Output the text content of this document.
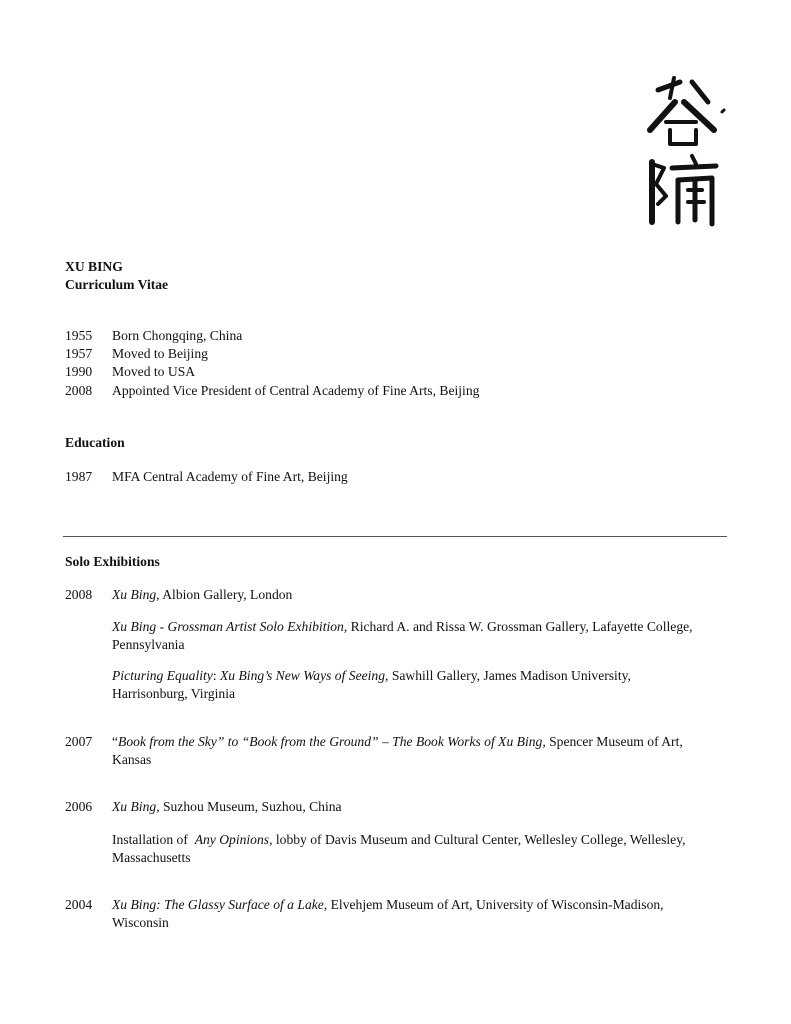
XU BING
Curriculum Vitae
1955 Born Chongqing, China
1957 Moved to Beijing
1990 Moved to USA
2008 Appointed Vice President of Central Academy of Fine Arts, Beijing
Education
1987 MFA Central Academy of Fine Art, Beijing
Solo Exhibitions
2008 Xu Bing, Albion Gallery, London
Xu Bing - Grossman Artist Solo Exhibition, Richard A. and Rissa W. Grossman Gallery, Lafayette College,
Pennsylvania
Picturing Equality: Xu Bing’s New Ways of Seeing, Sawhill Gallery, James Madison University,
Harrisonburg, Virginia
2007 “Book from the Sky” to “Book from the Ground” – The Book Works of Xu Bing, Spencer Museum of Art,
Kansas
2006 Xu Bing, Suzhou Museum, Suzhou, China
Installation of  Any Opinions, lobby of Davis Museum and Cultural Center, Wellesley College, Wellesley,
Massachusetts
2004 Xu Bing: The Glassy Surface of a Lake, Elvehjem Museum of Art, University of Wisconsin-Madison,
Wisconsin
